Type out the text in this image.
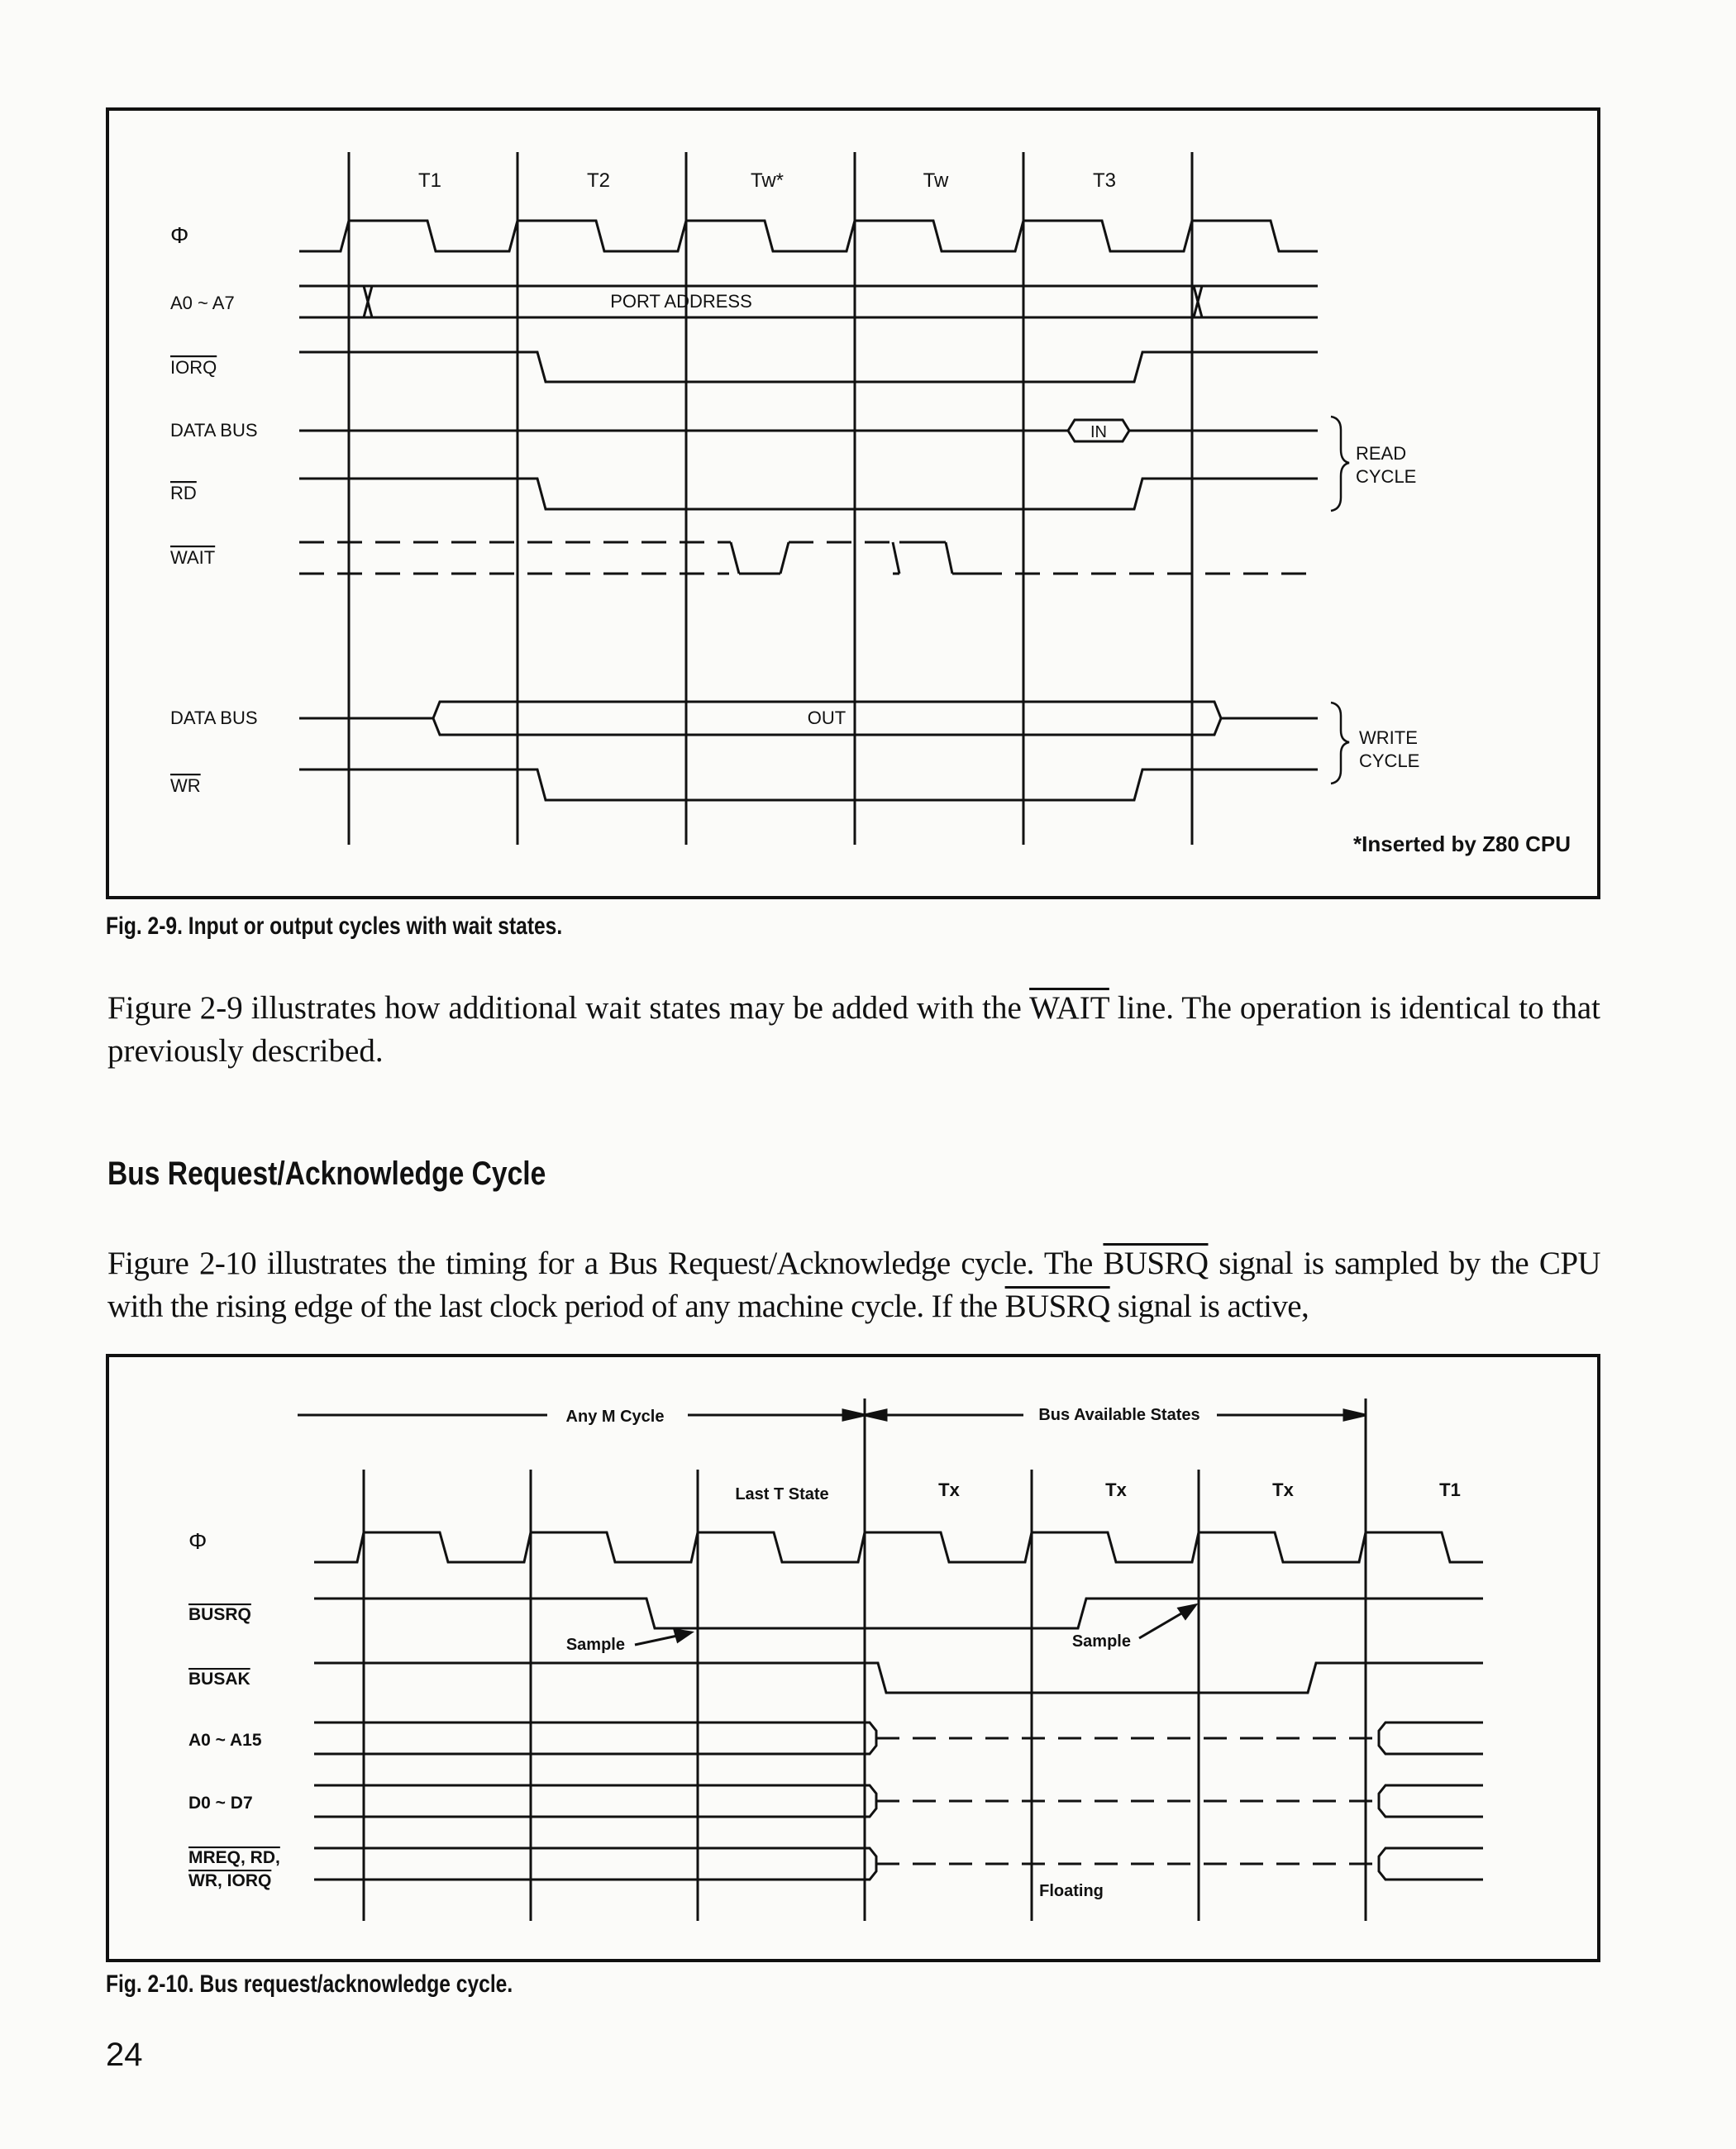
T1	T2	Tw*	Tw	T3
Φ
A0 ~ A7
IORQ
DATA BUS
RD
WAIT
DATA BUS
WR
PORT ADDRESS
IN
OUT
READ
CYCLE
WRITE
CYCLE
*Inserted by Z80 CPU
Fig. 2-9. Input or output cycles with wait states.
Figure 2-9 illustrates how additional wait states may be added with the WAIT line. The operation is identical to that previously described.
Bus Request/Acknowledge Cycle
Figure 2-10 illustrates the timing for a Bus Request/Acknowledge cycle. The BUSRQ signal is sampled by the CPU with the rising edge of the last clock period of any machine cycle. If the BUSRQ signal is active,
Any M Cycle	Bus Available States
Last T State	Tx	Tx	Tx	T1
Φ
BUSRQ
BUSAK
A0 ~ A15
D0 ~ D7
MREQ, RD,
WR, IORQ
Sample	Sample
Floating
Fig. 2-10. Bus request/acknowledge cycle.
24
